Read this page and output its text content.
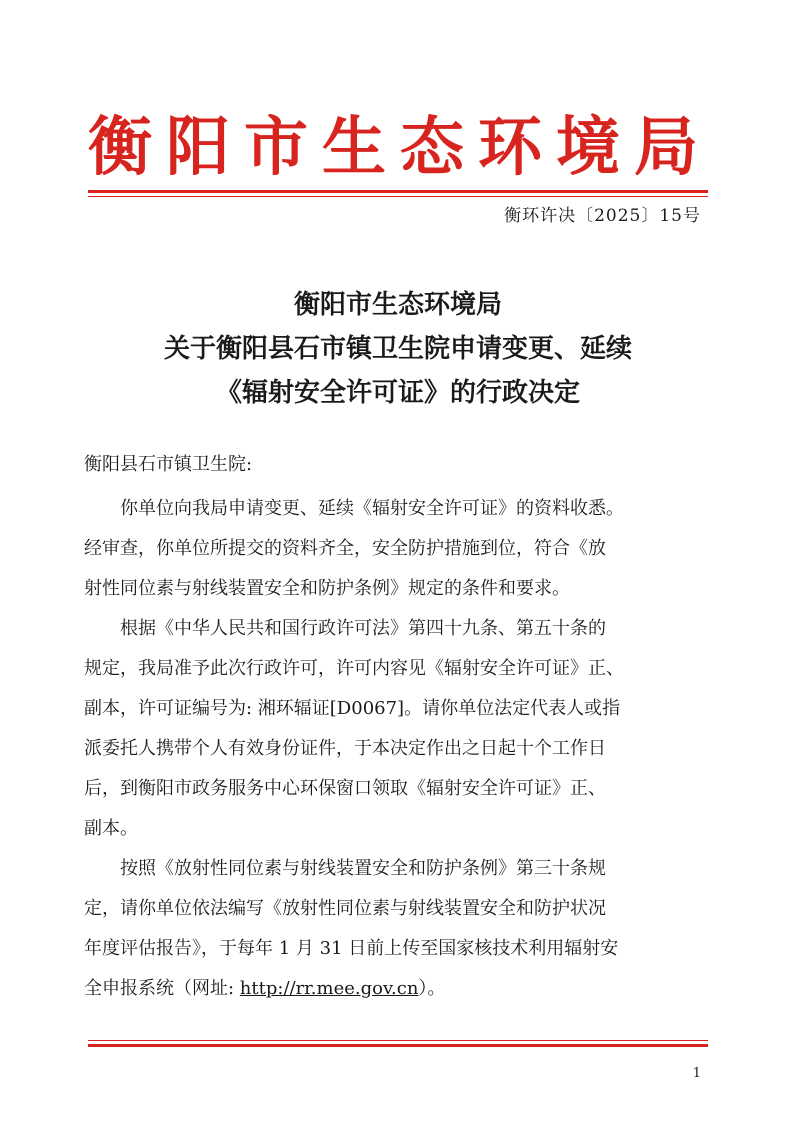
衡阳市生态环境局
衡环许决〔2025〕15号
衡阳市生态环境局
关于衡阳县石市镇卫生院申请变更、延续
《辐射安全许可证》的行政决定
衡阳县石市镇卫生院:

你单位向我局申请变更、延续《辐射安全许可证》的资料收悉。
经审查，你单位所提交的资料齐全，安全防护措施到位，符合《放
射性同位素与射线装置安全和防护条例》规定的条件和要求。

根据《中华人民共和国行政许可法》第四十九条、第五十条的
规定，我局准予此次行政许可，许可内容见《辐射安全许可证》正、
副本，许可证编号为: 湘环辐证[D0067]。请你单位法定代表人或指
派委托人携带个人有效身份证件，于本决定作出之日起十个工作日
后，到衡阳市政务服务中心环保窗口领取《辐射安全许可证》正、
副本。

按照《放射性同位素与射线装置安全和防护条例》第三十条规
定，请你单位依法编写《放射性同位素与射线装置安全和防护状况
年度评估报告》，于每年 1 月 31 日前上传至国家核技术利用辐射安
全申报系统（网址: http://rr.mee.gov.cn）。

1
